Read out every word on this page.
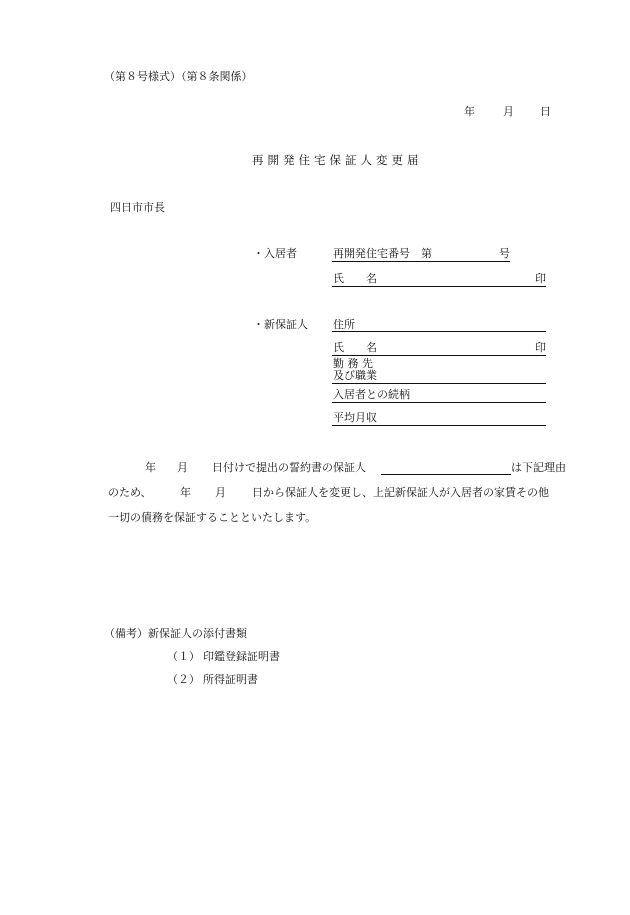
（第８号様式）（第８条関係）
年	月 日
再開発住宅保証人変更届
四日市市長
・入居者	再開発住宅番号　第	号
氏　　名	印
・新保証人 住所
氏　　名	印
勤 務 先
及び職業
入居者との続柄
平均月収
年 月 日付けで提出の誓約書の保証人	は下記理由
のため、	年 月 日から保証人を変更し、上記新保証人が入居者の家賃その他
一切の債務を保証することといたします。
（備考）新保証人の添付書類
（１） 印鑑登録証明書
（２） 所得証明書
